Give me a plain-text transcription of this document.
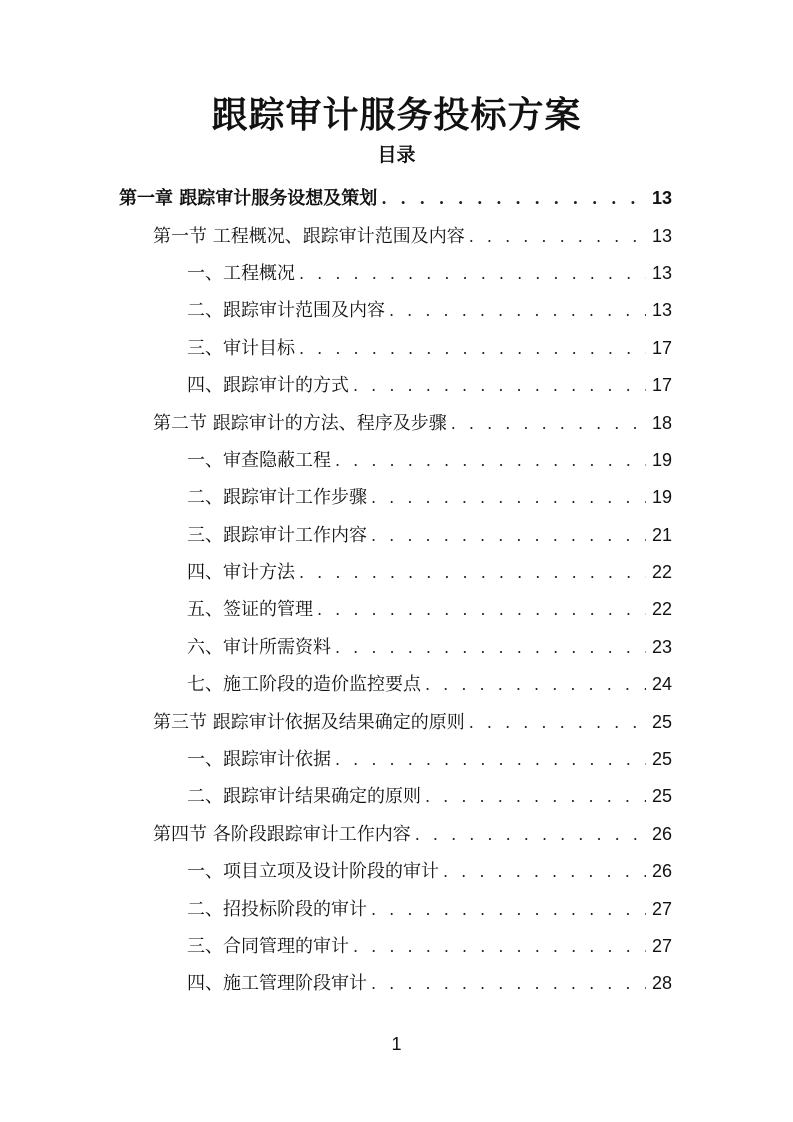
跟踪审计服务投标方案
目录
第一章 跟踪审计服务设想及策划 . . .	13
第一节 工程概况、跟踪审计范围及内容 . . .	13
一、工程概况 . . .	13
二、跟踪审计范围及内容 . . .	13
三、审计目标 . . .	17
四、跟踪审计的方式 . . .	17
第二节 跟踪审计的方法、程序及步骤 . . .	18
一、审查隐蔽工程 . . .	19
二、跟踪审计工作步骤 . . .	19
三、跟踪审计工作内容 . . .	21
四、审计方法 . . .	22
五、签证的管理 . . .	22
六、审计所需资料 . . .	23
七、施工阶段的造价监控要点 . . .	24
第三节 跟踪审计依据及结果确定的原则 . . .	25
一、跟踪审计依据 . . .	25
二、跟踪审计结果确定的原则 . . .	25
第四节 各阶段跟踪审计工作内容 . . .	26
一、项目立项及设计阶段的审计 . . .	26
二、招投标阶段的审计 . . .	27
三、合同管理的审计 . . .	27
四、施工管理阶段审计 . . .	28

1
